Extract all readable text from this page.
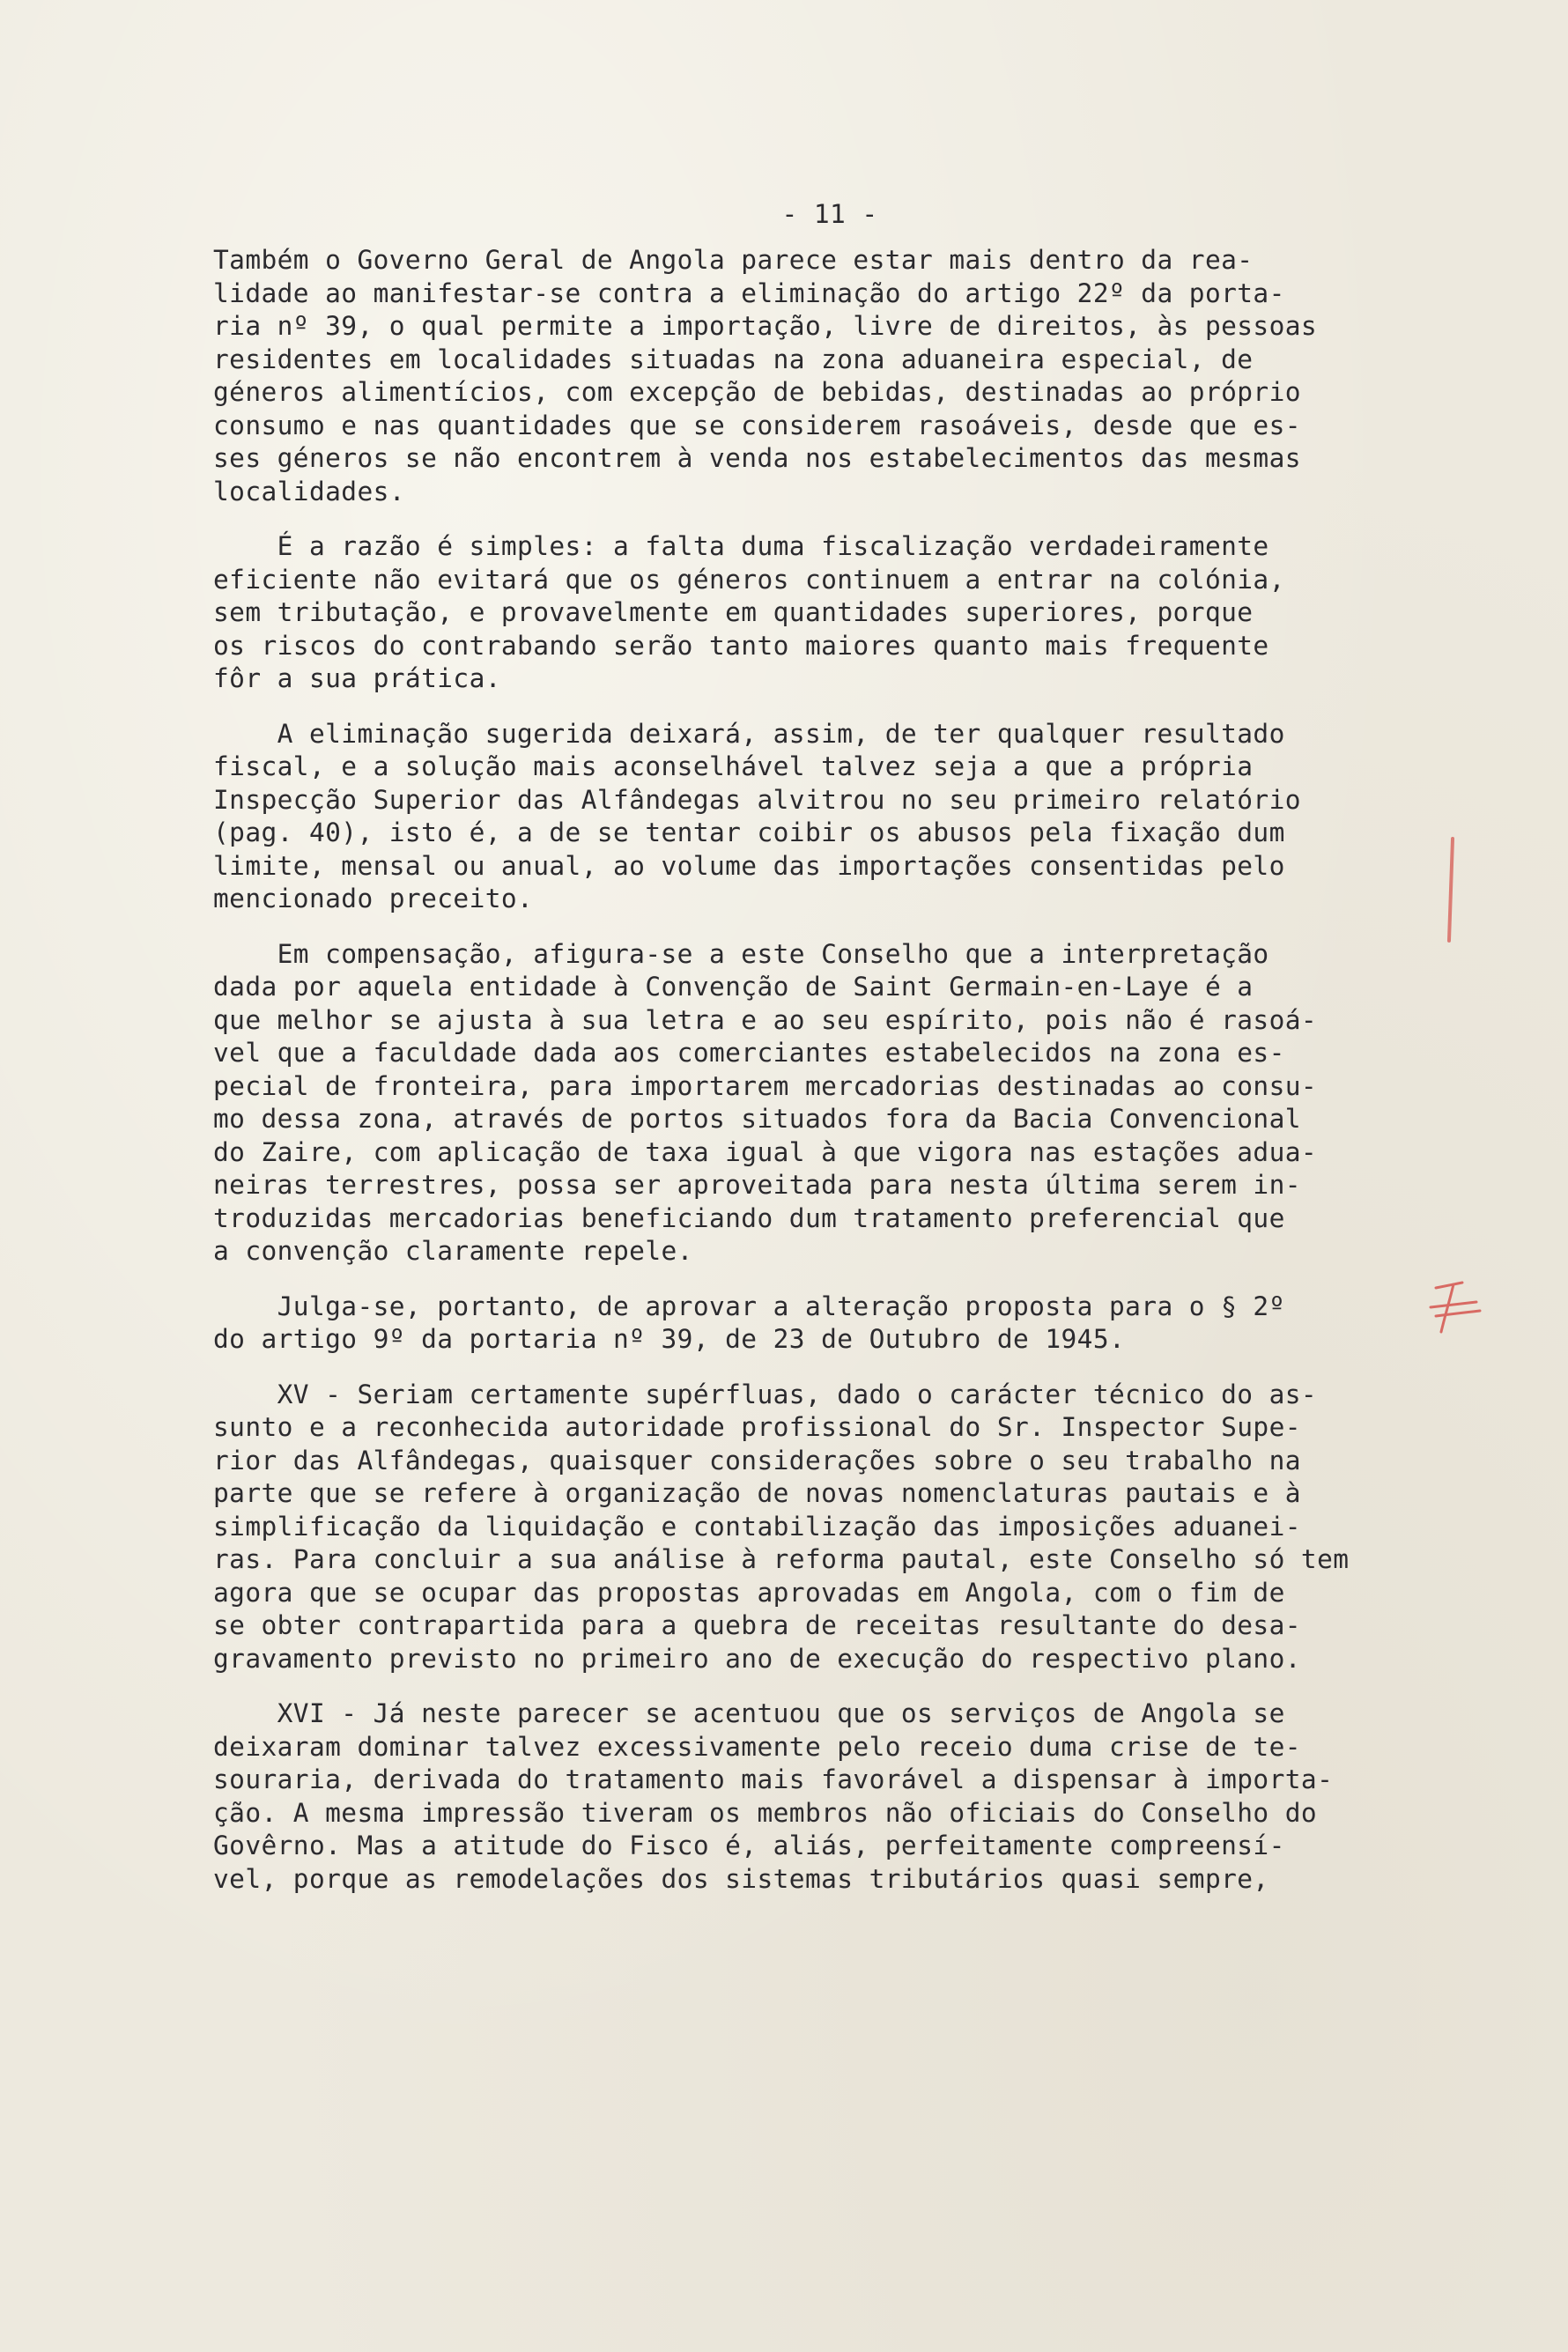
- 11 -
Também o Governo Geral de Angola parece estar mais dentro da rea-
lidade ao manifestar-se contra a eliminação do artigo 22º da porta-
ria nº 39, o qual permite a importação, livre de direitos, às pessoas
residentes em localidades situadas na zona aduaneira especial, de
géneros alimentícios, com excepção de bebidas, destinadas ao próprio
consumo e nas quantidades que se considerem rasoáveis, desde que es-
ses géneros se não encontrem à venda nos estabelecimentos das mesmas
localidades.
É a razão é simples: a falta duma fiscalização verdadeiramente
eficiente não evitará que os géneros continuem a entrar na colónia,
sem tributação, e provavelmente em quantidades superiores, porque
os riscos do contrabando serão tanto maiores quanto mais frequente
fôr a sua prática.
A eliminação sugerida deixará, assim, de ter qualquer resultado
fiscal, e a solução mais aconselhável talvez seja a que a própria
Inspecção Superior das Alfândegas alvitrou no seu primeiro relatório
(pag. 40), isto é, a de se tentar coibir os abusos pela fixação dum
limite, mensal ou anual, ao volume das importações consentidas pelo
mencionado preceito.
Em compensação, afigura-se a este Conselho que a interpretação
dada por aquela entidade à Convenção de Saint Germain-en-Laye é a
que melhor se ajusta à sua letra e ao seu espírito, pois não é rasoá-
vel que a faculdade dada aos comerciantes estabelecidos na zona es-
pecial de fronteira, para importarem mercadorias destinadas ao consu-
mo dessa zona, através de portos situados fora da Bacia Convencional
do Zaire, com aplicação de taxa igual à que vigora nas estações adua-
neiras terrestres, possa ser aproveitada para nesta última serem in-
troduzidas mercadorias beneficiando dum tratamento preferencial que
a convenção claramente repele.
Julga-se, portanto, de aprovar a alteração proposta para o § 2º
do artigo 9º da portaria nº 39, de 23 de Outubro de 1945.
XV - Seriam certamente supérfluas, dado o carácter técnico do as-
sunto e a reconhecida autoridade profissional do Sr. Inspector Supe-
rior das Alfândegas, quaisquer considerações sobre o seu trabalho na
parte que se refere à organização de novas nomenclaturas pautais e à
simplificação da liquidação e contabilização das imposições aduanei-
ras. Para concluir a sua análise à reforma pautal, este Conselho só tem
agora que se ocupar das propostas aprovadas em Angola, com o fim de
se obter contrapartida para a quebra de receitas resultante do desa-
gravamento previsto no primeiro ano de execução do respectivo plano.
XVI - Já neste parecer se acentuou que os serviços de Angola se
deixaram dominar talvez excessivamente pelo receio duma crise de te-
souraria, derivada do tratamento mais favorável a dispensar à importa-
ção. A mesma impressão tiveram os membros não oficiais do Conselho do
Govêrno. Mas a atitude do Fisco é, aliás, perfeitamente compreensí-
vel, porque as remodelações dos sistemas tributários quasi sempre,
